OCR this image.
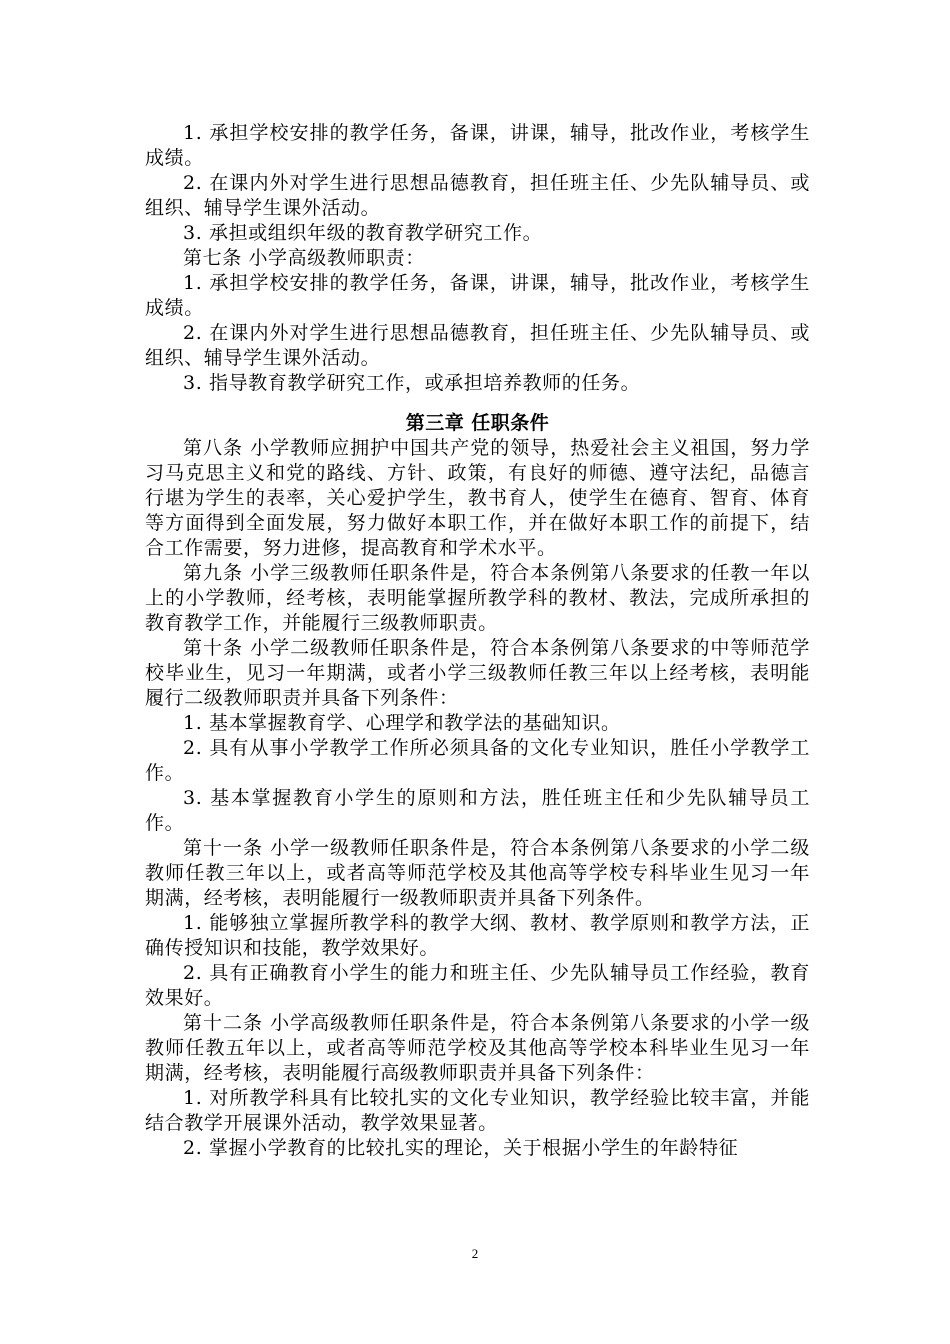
1. 承担学校安排的教学任务，备课，讲课，辅导，批改作业，考核学生成绩。

2. 在课内外对学生进行思想品德教育，担任班主任、少先队辅导员、或组织、辅导学生课外活动。

3. 承担或组织年级的教育教学研究工作。

第七条 小学高级教师职责：

1. 承担学校安排的教学任务，备课，讲课，辅导，批改作业，考核学生成绩。

2. 在课内外对学生进行思想品德教育，担任班主任、少先队辅导员、或组织、辅导学生课外活动。

3. 指导教育教学研究工作，或承担培养教师的任务。

第三章 任职条件

第八条 小学教师应拥护中国共产党的领导，热爱社会主义祖国，努力学习马克思主义和党的路线、方针、政策，有良好的师德、遵守法纪，品德言行堪为学生的表率，关心爱护学生，教书育人，使学生在德育、智育、体育等方面得到全面发展，努力做好本职工作，并在做好本职工作的前提下，结合工作需要，努力进修，提高教育和学术水平。

第九条 小学三级教师任职条件是，符合本条例第八条要求的任教一年以上的小学教师，经考核，表明能掌握所教学科的教材、教法，完成所承担的教育教学工作，并能履行三级教师职责。

第十条 小学二级教师任职条件是，符合本条例第八条要求的中等师范学校毕业生，见习一年期满，或者小学三级教师任教三年以上经考核，表明能履行二级教师职责并具备下列条件：

1. 基本掌握教育学、心理学和教学法的基础知识。

2. 具有从事小学教学工作所必须具备的文化专业知识，胜任小学教学工作。

3. 基本掌握教育小学生的原则和方法，胜任班主任和少先队辅导员工作。

第十一条 小学一级教师任职条件是，符合本条例第八条要求的小学二级教师任教三年以上，或者高等师范学校及其他高等学校专科毕业生见习一年期满，经考核，表明能履行一级教师职责并具备下列条件。

1. 能够独立掌握所教学科的教学大纲、教材、教学原则和教学方法，正确传授知识和技能，教学效果好。

2. 具有正确教育小学生的能力和班主任、少先队辅导员工作经验，教育效果好。

第十二条 小学高级教师任职条件是，符合本条例第八条要求的小学一级教师任教五年以上，或者高等师范学校及其他高等学校本科毕业生见习一年期满，经考核，表明能履行高级教师职责并具备下列条件：

1. 对所教学科具有比较扎实的文化专业知识，教学经验比较丰富，并能结合教学开展课外活动，教学效果显著。

2. 掌握小学教育的比较扎实的理论，关于根据小学生的年龄特征

2
